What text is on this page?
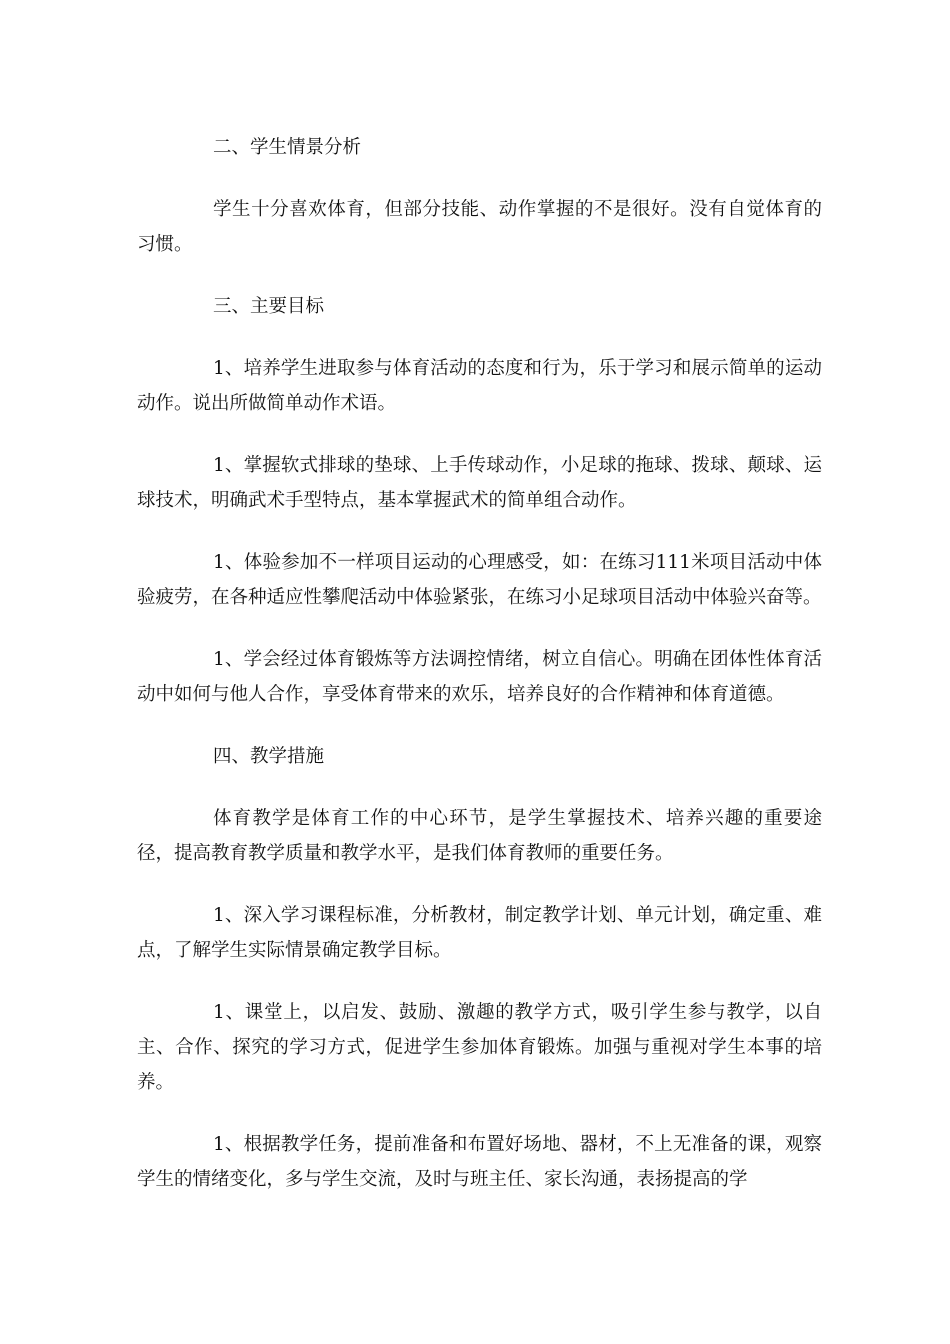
二、学生情景分析

学生十分喜欢体育，但部分技能、动作掌握的不是很好。没有自觉体育的习惯。

三、主要目标

1、培养学生进取参与体育活动的态度和行为，乐于学习和展示简单的运动动作。说出所做简单动作术语。

1、掌握软式排球的垫球、上手传球动作，小足球的拖球、拨球、颠球、运球技术，明确武术手型特点，基本掌握武术的简单组合动作。

1、体验参加不一样项目运动的心理感受，如：在练习111米项目活动中体验疲劳，在各种适应性攀爬活动中体验紧张，在练习小足球项目活动中体验兴奋等。

1、学会经过体育锻炼等方法调控情绪，树立自信心。明确在团体性体育活动中如何与他人合作，享受体育带来的欢乐，培养良好的合作精神和体育道德。

四、教学措施

体育教学是体育工作的中心环节，是学生掌握技术、培养兴趣的重要途径，提高教育教学质量和教学水平，是我们体育教师的重要任务。

1、深入学习课程标准，分析教材，制定教学计划、单元计划，确定重、难点，了解学生实际情景确定教学目标。

1、课堂上，以启发、鼓励、激趣的教学方式，吸引学生参与教学，以自主、合作、探究的学习方式，促进学生参加体育锻炼。加强与重视对学生本事的培养。

1、根据教学任务，提前准备和布置好场地、器材，不上无准备的课，观察学生的情绪变化，多与学生交流，及时与班主任、家长沟通，表扬提高的学
